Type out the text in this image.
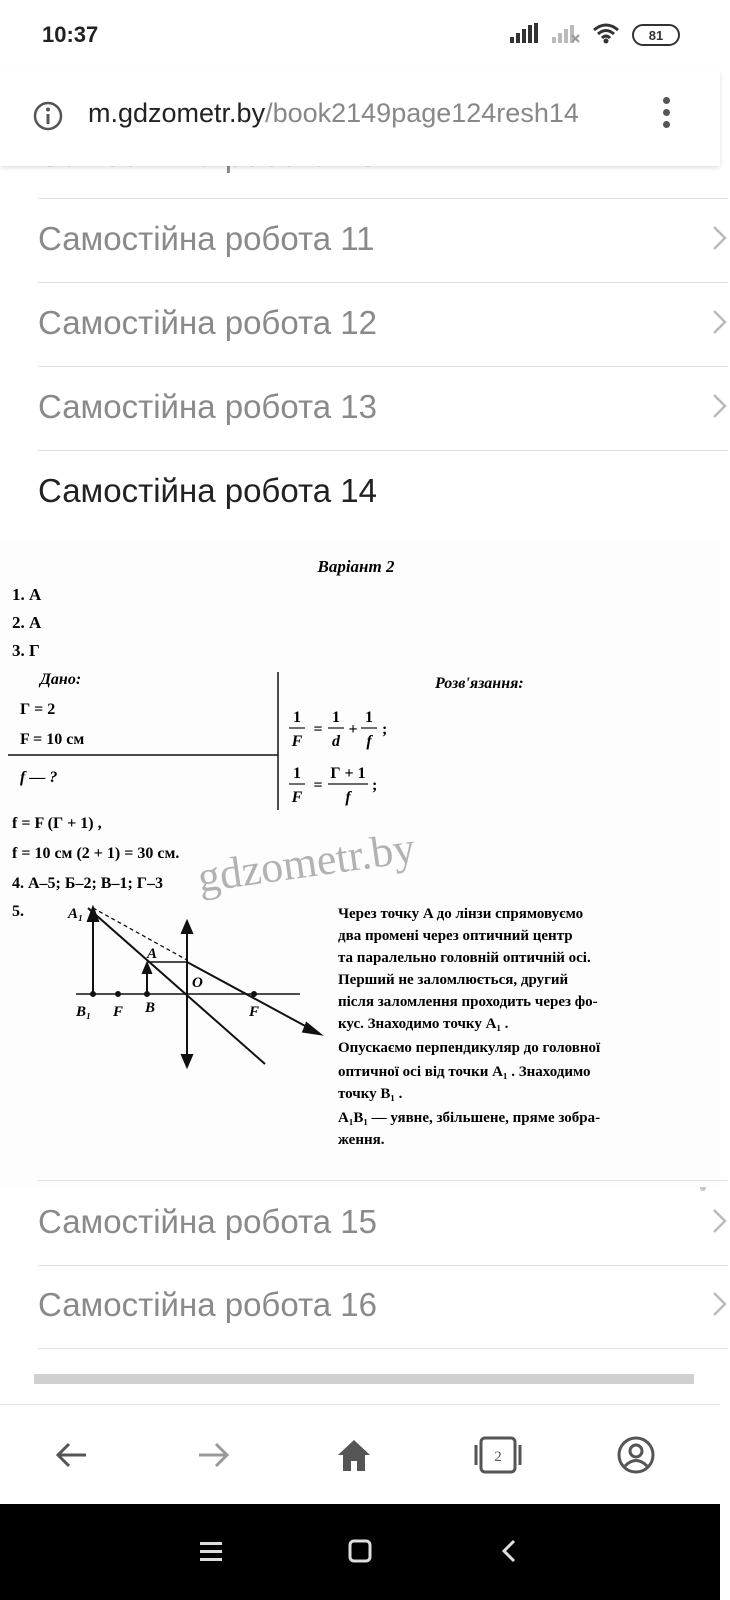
10:37	81
m.gdzometr.by/book2149page124resh14
Самостійна робота 11
Самостійна робота 12
Самостійна робота 13
Самостійна робота 14
Варіант 2
1. А
2. А
3. Г
Дано:
Г = 2
F = 10 см
f — ?
Розв'язання:
1
F
=
1
d
+
1
f
;
1
F
=
Г + 1
f
;
f = F (Г + 1) ,
f = 10 см (2 + 1) = 30 см.
4. А–5; Б–2; В–1; Г–3 gdzometr.by
5.	A₁
A
O
B₁ F B	F
Через точку A до лінзи спрямовуємо
два промені через оптичний центр
та паралельно головній оптичній осі.
Перший не заломлюється, другий
після заломлення проходить через фо-
кус. Знаходимо точку A₁ .
Опускаємо перпендикуляр до головної
оптичної осі від точки A₁ . Знаходимо
точку B₁ .
A₁B₁ — уявне, збільшене, пряме зобра-
ження.
Самостійна робота 15
Самостійна робота 16
2
